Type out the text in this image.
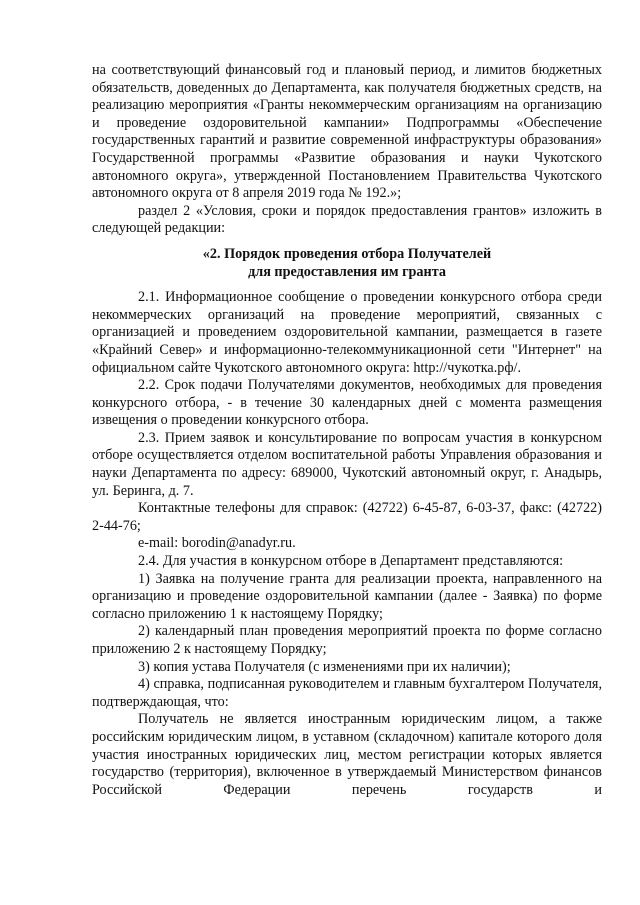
на соответствующий финансовый год и плановый период, и лимитов бюджетных обязательств, доведенных до Департамента, как получателя бюджетных средств, на реализацию мероприятия «Гранты некоммерческим организациям на организацию и проведение оздоровительной кампании» Подпрограммы «Обеспечение государственных гарантий и развитие современной инфраструктуры образования» Государственной программы «Развитие образования и науки Чукотского автономного округа», утвержденной Постановлением Правительства Чукотского автономного округа от 8 апреля 2019 года № 192.»;

раздел 2 «Условия, сроки и порядок предоставления грантов» изложить в следующей редакции:

«2. Порядок проведения отбора Получателей
для предоставления им гранта

2.1. Информационное сообщение о проведении конкурсного отбора среди некоммерческих организаций на проведение мероприятий, связанных с организацией и проведением оздоровительной кампании, размещается в газете «Крайний Север» и информационно-телекоммуникационной сети "Интернет" на официальном сайте Чукотского автономного округа: http://чукотка.рф/.

2.2. Срок подачи Получателями документов, необходимых для проведения конкурсного отбора, - в течение 30 календарных дней с момента размещения извещения о проведении конкурсного отбора.

2.3. Прием заявок и консультирование по вопросам участия в конкурсном отборе осуществляется отделом воспитательной работы Управления образования и науки Департамента по адресу: 689000, Чукотский автономный округ, г. Анадырь, ул. Беринга, д. 7.

Контактные телефоны для справок: (42722) 6-45-87, 6-03-37, факс: (42722) 2-44-76;

e-mail: borodin@anadyr.ru.

2.4. Для участия в конкурсном отборе в Департамент представляются:

1) Заявка на получение гранта для реализации проекта, направленного на организацию и проведение оздоровительной кампании (далее - Заявка) по форме согласно приложению 1 к настоящему Порядку;

2) календарный план проведения мероприятий проекта по форме согласно приложению 2 к настоящему Порядку;

3) копия устава Получателя (с изменениями при их наличии);

4) справка, подписанная руководителем и главным бухгалтером Получателя, подтверждающая, что:

Получатель не является иностранным юридическим лицом, а также российским юридическим лицом, в уставном (складочном) капитале которого доля участия иностранных юридических лиц, местом регистрации которых является государство (территория), включенное в утверждаемый Министерством финансов Российской Федерации перечень государств и
